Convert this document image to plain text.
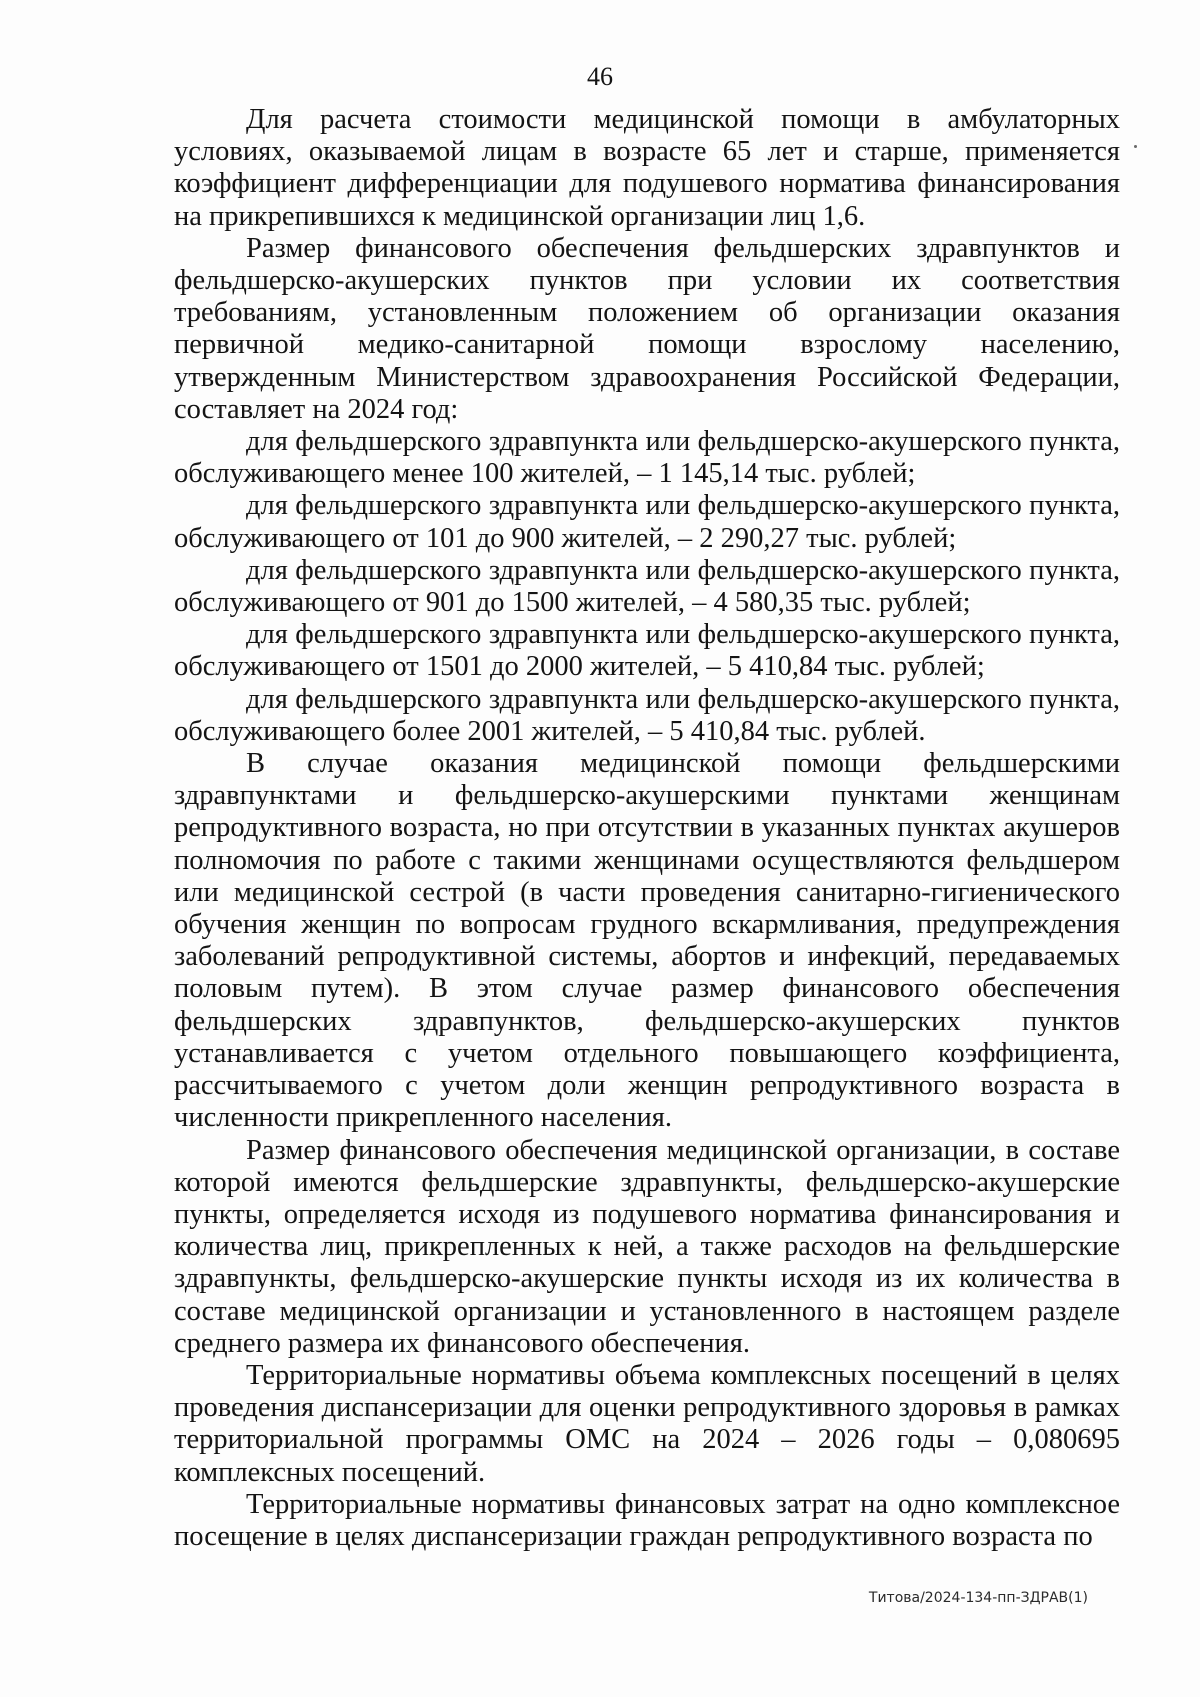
46

Для расчета стоимости медицинской помощи в амбулаторных условиях, оказываемой лицам в возрасте 65 лет и старше, применяется коэффициент дифференциации для подушевого норматива финансирования на прикрепившихся к медицинской организации лиц 1,6.

Размер финансового обеспечения фельдшерских здравпунктов и фельдшерско-акушерских пунктов при условии их соответствия требованиям, установленным положением об организации оказания первичной медико-санитарной помощи взрослому населению, утвержденным Министерством здравоохранения Российской Федерации, составляет на 2024 год:

для фельдшерского здравпункта или фельдшерско-акушерского пункта, обслуживающего менее 100 жителей, – 1 145,14 тыс. рублей;

для фельдшерского здравпункта или фельдшерско-акушерского пункта, обслуживающего от 101 до 900 жителей, – 2 290,27 тыс. рублей;

для фельдшерского здравпункта или фельдшерско-акушерского пункта, обслуживающего от 901 до 1500 жителей, – 4 580,35 тыс. рублей;

для фельдшерского здравпункта или фельдшерско-акушерского пункта, обслуживающего от 1501 до 2000 жителей, – 5 410,84 тыс. рублей;

для фельдшерского здравпункта или фельдшерско-акушерского пункта, обслуживающего более 2001 жителей, – 5 410,84 тыс. рублей.

В случае оказания медицинской помощи фельдшерскими здравпунктами и фельдшерско-акушерскими пунктами женщинам репродуктивного возраста, но при отсутствии в указанных пунктах акушеров полномочия по работе с такими женщинами осуществляются фельдшером или медицинской сестрой (в части проведения санитарно-гигиенического обучения женщин по вопросам грудного вскармливания, предупреждения заболеваний репродуктивной системы, абортов и инфекций, передаваемых половым путем). В этом случае размер финансового обеспечения фельдшерских здравпунктов, фельдшерско-акушерских пунктов устанавливается с учетом отдельного повышающего коэффициента, рассчитываемого с учетом доли женщин репродуктивного возраста в численности прикрепленного населения.

Размер финансового обеспечения медицинской организации, в составе которой имеются фельдшерские здравпункты, фельдшерско-акушерские пункты, определяется исходя из подушевого норматива финансирования и количества лиц, прикрепленных к ней, а также расходов на фельдшерские здравпункты, фельдшерско-акушерские пункты исходя из их количества в составе медицинской организации и установленного в настоящем разделе среднего размера их финансового обеспечения.

Территориальные нормативы объема комплексных посещений в целях проведения диспансеризации для оценки репродуктивного здоровья в рамках территориальной программы ОМС на 2024 – 2026 годы – 0,080695 комплексных посещений.

Территориальные нормативы финансовых затрат на одно комплексное посещение в целях диспансеризации граждан репродуктивного возраста по

Титова/2024-134-пп-ЗДРАВ(1)
